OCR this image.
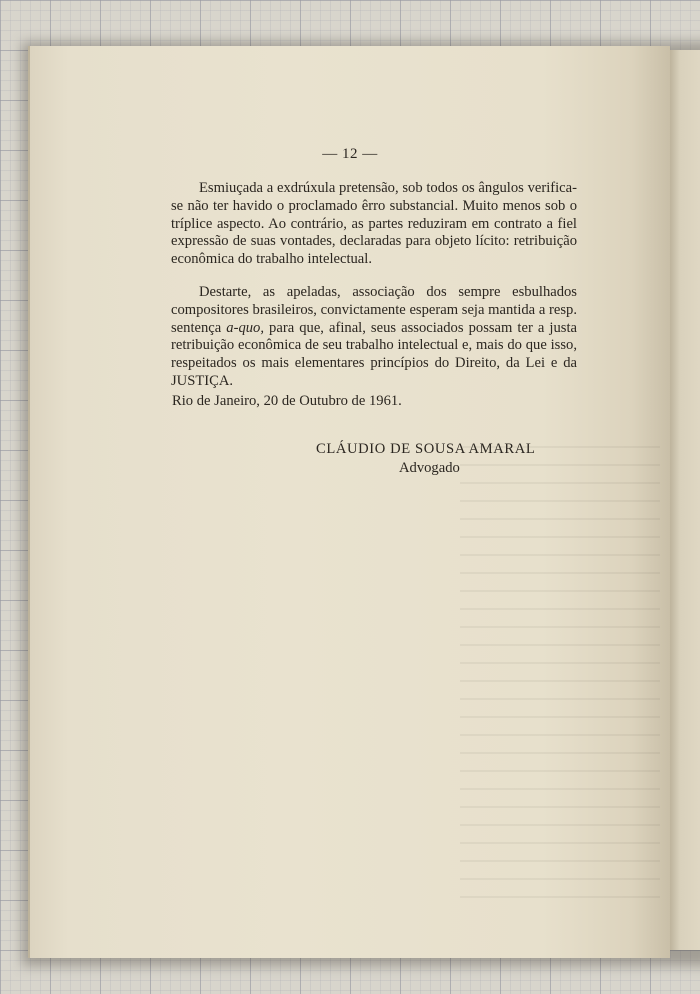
— 12 —

Esmiuçada a exdrúxula pretensão, sob todos os ângulos verifica-se não ter havido o proclamado êrro substancial. Muito menos sob o tríplice aspecto. Ao contrário, as partes reduziram em contrato a fiel expressão de suas vontades, declaradas para objeto lícito: retribuição econômica do trabalho intelectual.

Destarte, as apeladas, associação dos sempre esbulhados compositores brasileiros, convictamente esperam seja mantida a resp. sentença a-quo, para que, afinal, seus associados possam ter a justa retribuição econômica de seu trabalho intelectual e, mais do que isso, respeitados os mais elementares princípios do Direito, da Lei e da JUSTIÇA.

Rio de Janeiro, 20 de Outubro de 1961.
CLÁUDIO DE SOUSA AMARAL
Advogado
